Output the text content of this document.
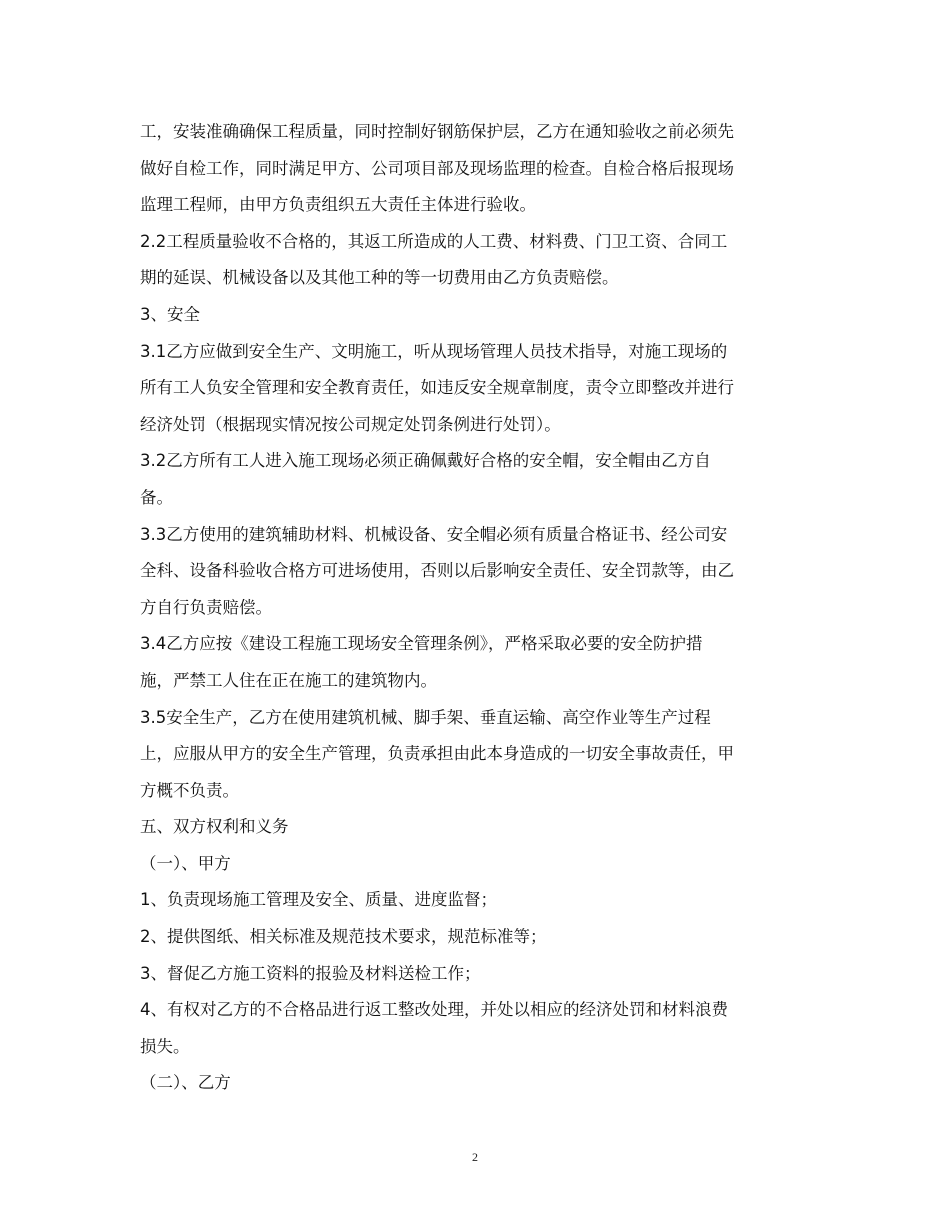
工，安装准确确保工程质量，同时控制好钢筋保护层，乙方在通知验收之前必须先
做好自检工作，同时满足甲方、公司项目部及现场监理的检查。自检合格后报现场
监理工程师，由甲方负责组织五大责任主体进行验收。

2.2工程质量验收不合格的，其返工所造成的人工费、材料费、门卫工资、合同工
期的延误、机械设备以及其他工种的等一切费用由乙方负责赔偿。

3、安全

3.1乙方应做到安全生产、文明施工，听从现场管理人员技术指导，对施工现场的
所有工人负安全管理和安全教育责任，如违反安全规章制度，责令立即整改并进行
经济处罚（根据现实情况按公司规定处罚条例进行处罚）。

3.2乙方所有工人进入施工现场必须正确佩戴好合格的安全帽，安全帽由乙方自
备。

3.3乙方使用的建筑辅助材料、机械设备、安全帽必须有质量合格证书、经公司安
全科、设备科验收合格方可进场使用，否则以后影响安全责任、安全罚款等，由乙
方自行负责赔偿。

3.4乙方应按《建设工程施工现场安全管理条例》，严格采取必要的安全防护措
施，严禁工人住在正在施工的建筑物内。

3.5安全生产，乙方在使用建筑机械、脚手架、垂直运输、高空作业等生产过程
上，应服从甲方的安全生产管理，负责承担由此本身造成的一切安全事故责任，甲
方概不负责。

五、双方权利和义务

（一）、甲方

1、负责现场施工管理及安全、质量、进度监督；

2、提供图纸、相关标准及规范技术要求，规范标准等；

3、督促乙方施工资料的报验及材料送检工作；

4、有权对乙方的不合格品进行返工整改处理，并处以相应的经济处罚和材料浪费
损失。

（二）、乙方

2
